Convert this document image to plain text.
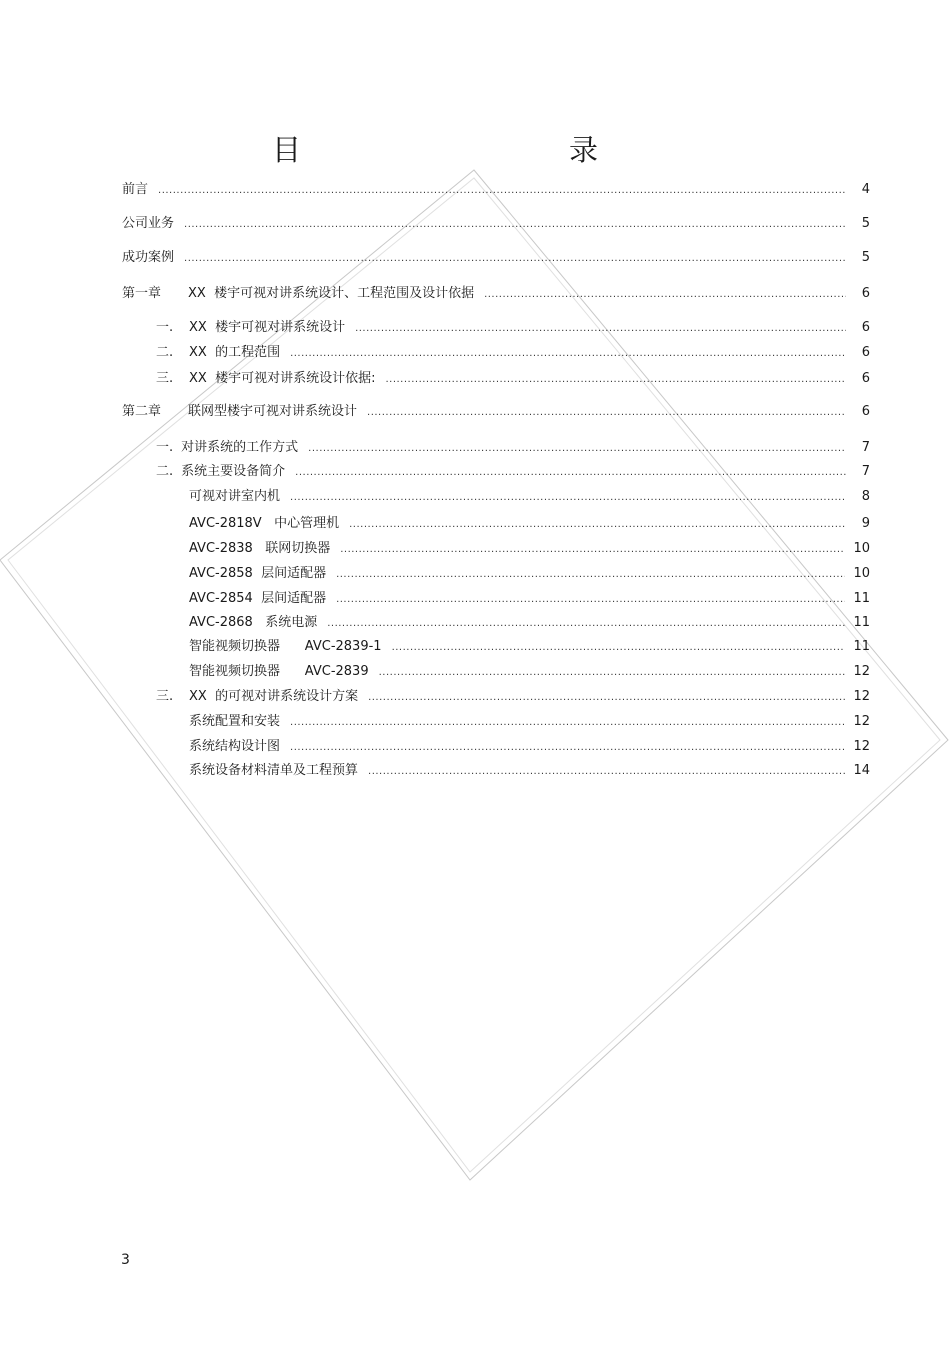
目　　录
前言 .....	4
公司业务 .....	5
成功案例 .....	5
第一章	XX  楼宇可视对讲系统设计、工程范围及设计依据 .....	6
一.	XX  楼宇可视对讲系统设计 .....	6
二.	XX  的工程范围 .....	6
三.	XX  楼宇可视对讲系统设计依据: .....	6
第二章	联网型楼宇可视对讲系统设计 .....	6
一. 对讲系统的工作方式 .....	7
二. 系统主要设备简介 .....	7
可视对讲室内机 .....	8
AVC-2818V   中心管理机 .....	9
AVC-2838   联网切换器 .....	10
AVC-2858  层间适配器 .....	10
AVC-2854  层间适配器 .....	11
AVC-2868   系统电源 .....	11
智能视频切换器      AVC-2839-1 .....	11
智能视频切换器      AVC-2839 .....	12
三.	XX  的可视对讲系统设计方案 .....	12
系统配置和安装 .....	12
系统结构设计图 .....	12
系统设备材料清单及工程预算 .....	14
3
